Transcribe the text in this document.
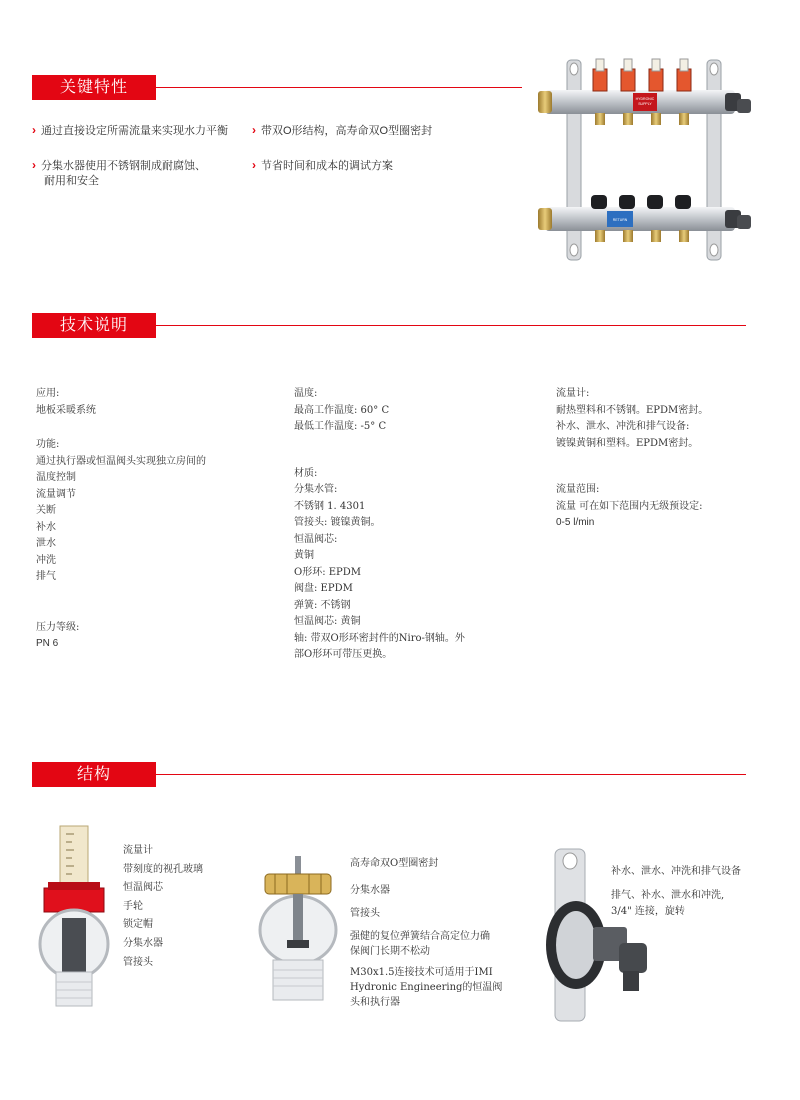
关键特性
› 通过直接设定所需流量来实现水力平衡
› 分集水器使用不锈钢制成耐腐蚀、
耐用和安全
› 带双O形结构，高寿命双O型圈密封
› 节省时间和成本的调试方案
HYDRONIC
SUPPLY
RETURN
技术说明
应用:
地板采暖系统
功能:
通过执行器或恒温阀头实现独立房间的
温度控制
流量调节
关断
补水
泄水
冲洗
排气
压力等级:
PN 6
温度:
最高工作温度: 60° C
最低工作温度: -5° C
材质:
分集水管:
不锈钢 1. 4301
管接头: 镀镍黄铜。
恒温阀芯:
黄铜
O形环: EPDM
阀盘: EPDM
弹簧: 不锈钢
恒温阀芯: 黄铜
轴: 带双O形环密封件的Niro-钢轴。外
部O形环可带压更换。
流量计:
耐热塑料和不锈钢。EPDM密封。
补水、泄水、冲洗和排气设备:
镀镍黄铜和塑料。EPDM密封。
流量范围:
流量 可在如下范围内无级预设定:
0-5 l/min
结构
流量计
带刻度的视孔玻璃
恒温阀芯
手轮
锁定帽
分集水器
管接头
高寿命双O型圈密封
分集水器
管接头
强健的复位弹簧结合高定位力确
保阀门长期不松动
M30x1.5连接技术可适用于IMI
Hydronic Engineering的恒温阀
头和执行器
补水、泄水、冲洗和排气设备
排气、补水、泄水和冲洗,
3/4" 连接，旋转
